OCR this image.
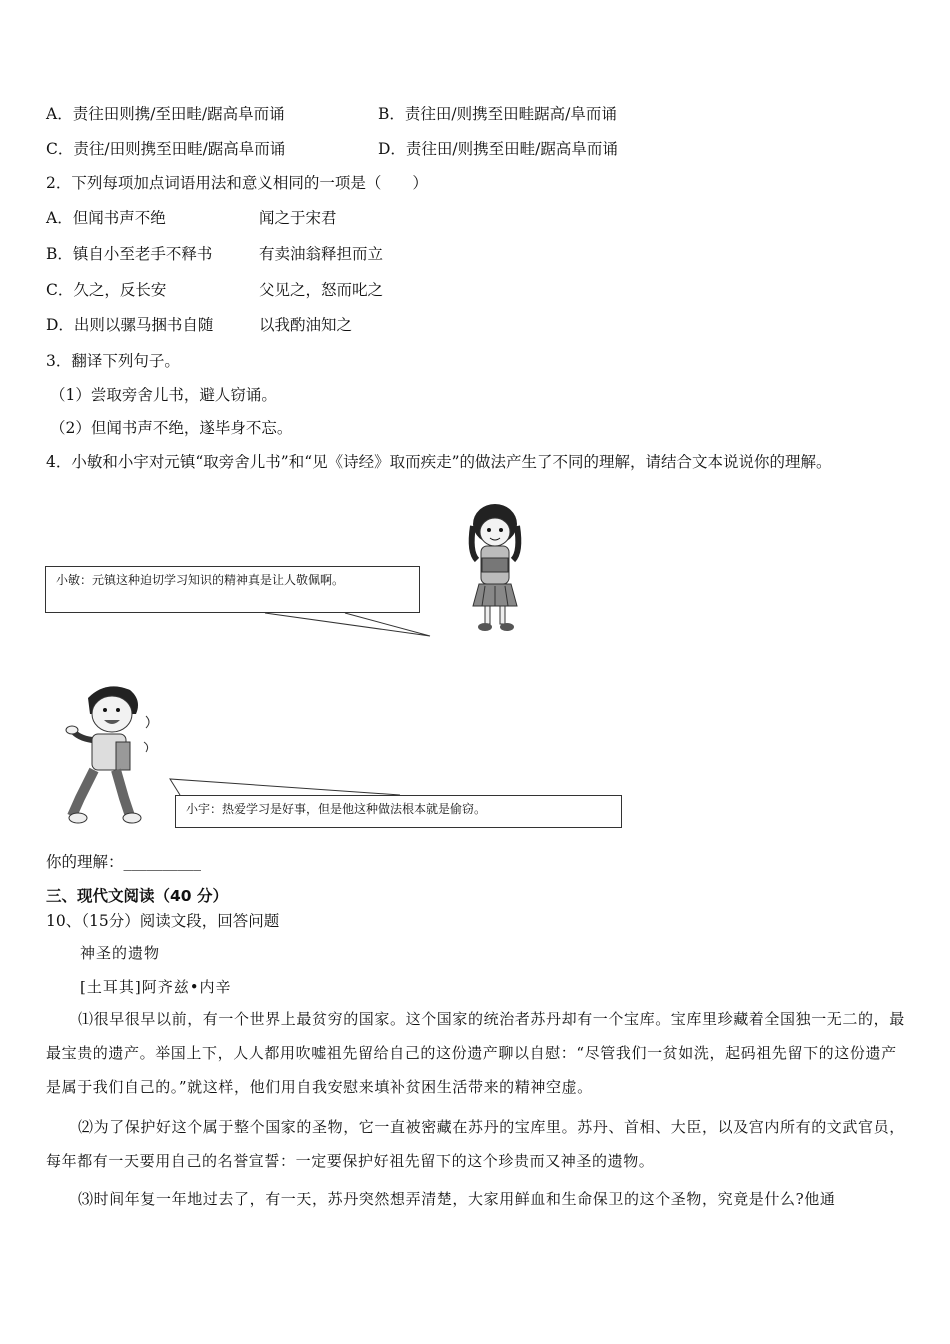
A．责往田则携/至田畦/踞高阜而诵	B．责往田/则携至田畦踞高/阜而诵
C．责往/田则携至田畦/踞高阜而诵	D．责往田/则携至田畦/踞高阜而诵
2．下列每项加点词语用法和意义相同的一项是（　　）
A．但闻书声不绝	闻之于宋君
B．镇自小至老手不释书	有卖油翁释担而立
C．久之，反长安	父见之，怒而叱之
D．出则以骡马捆书自随	以我酌油知之
3．翻译下列句子。
（1）尝取旁舍儿书，避人窃诵。
（2）但闻书声不绝，遂毕身不忘。
4．小敏和小宇对元镇“取旁舍儿书”和“见《诗经》取而疾走”的做法产生了不同的理解，请结合文本说说你的理解。
小敏：元镇这种迫切学习知识的精神真是让人敬佩啊。
小宇：热爱学习是好事，但是他这种做法根本就是偷窃。
你的理解：__________
三、现代文阅读（40 分）
10、（15分）阅读文段，回答问题
神圣的遗物
[土耳其]阿齐兹•内辛
⑴很早很早以前，有一个世界上最贫穷的国家。这个国家的统治者苏丹却有一个宝库。宝库里珍藏着全国独一无二的，最最宝贵的遗产。举国上下，人人都用吹嘘祖先留给自己的这份遗产聊以自慰：“尽管我们一贫如洗，起码祖先留下的这份遗产是属于我们自己的。”就这样，他们用自我安慰来填补贫困生活带来的精神空虚。
⑵为了保护好这个属于整个国家的圣物，它一直被密藏在苏丹的宝库里。苏丹、首相、大臣，以及宫内所有的文武官员，每年都有一天要用自己的名誉宣誓：一定要保护好祖先留下的这个珍贵而又神圣的遗物。
⑶时间年复一年地过去了，有一天，苏丹突然想弄清楚，大家用鲜血和生命保卫的这个圣物，究竟是什么?他通
